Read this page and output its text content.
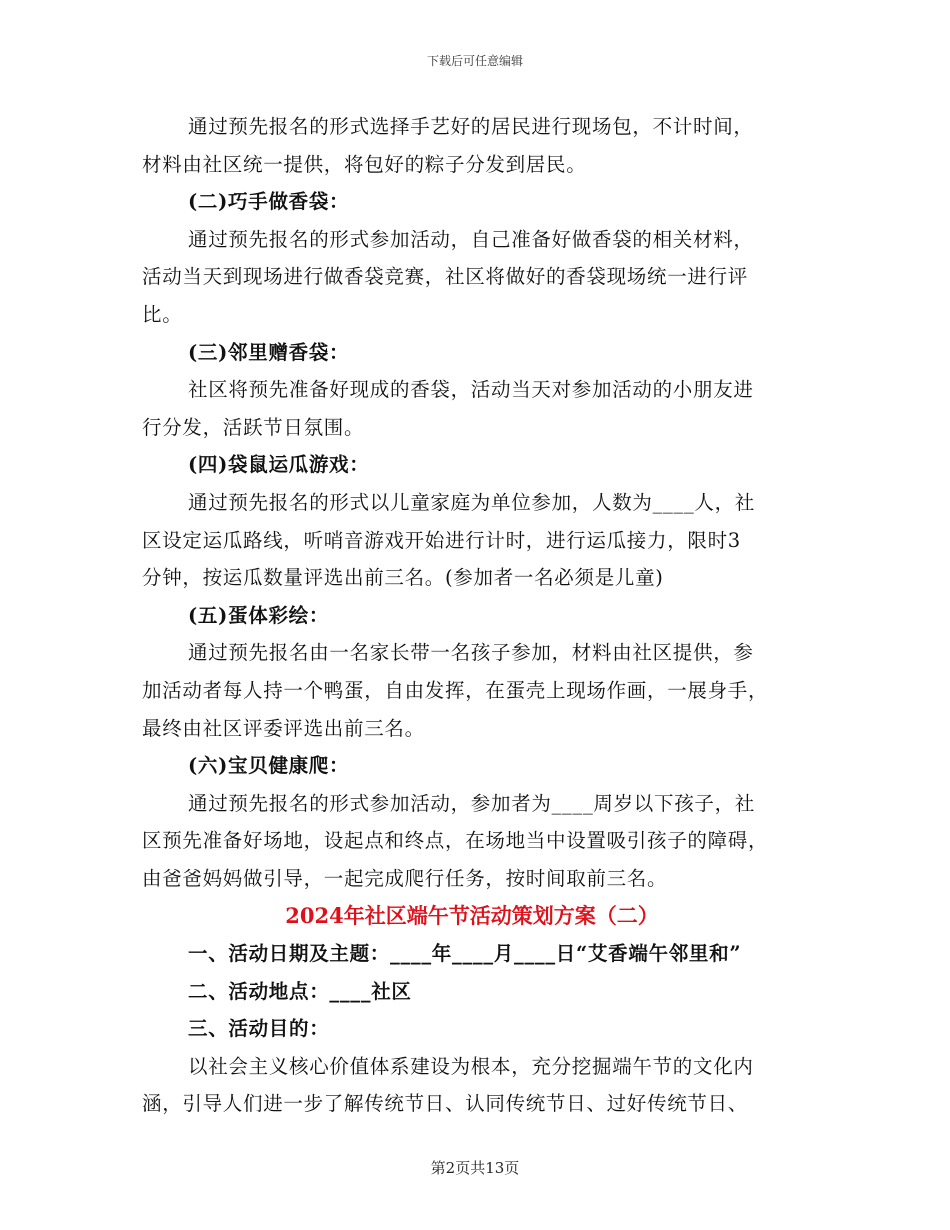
下载后可任意编辑
通过预先报名的形式选择手艺好的居民进行现场包，不计时间，
材料由社区统一提供，将包好的粽子分发到居民。
(二)巧手做香袋：
通过预先报名的形式参加活动，自己准备好做香袋的相关材料，
活动当天到现场进行做香袋竞赛，社区将做好的香袋现场统一进行评
比。
(三)邻里赠香袋：
社区将预先准备好现成的香袋，活动当天对参加活动的小朋友进
行分发，活跃节日氛围。
(四)袋鼠运瓜游戏：
通过预先报名的形式以儿童家庭为单位参加，人数为____人，社
区设定运瓜路线，听哨音游戏开始进行计时，进行运瓜接力，限时3
分钟，按运瓜数量评选出前三名。(参加者一名必须是儿童)
(五)蛋体彩绘：
通过预先报名由一名家长带一名孩子参加，材料由社区提供，参
加活动者每人持一个鸭蛋，自由发挥，在蛋壳上现场作画，一展身手，
最终由社区评委评选出前三名。
(六)宝贝健康爬：
通过预先报名的形式参加活动，参加者为____周岁以下孩子，社
区预先准备好场地，设起点和终点，在场地当中设置吸引孩子的障碍，
由爸爸妈妈做引导，一起完成爬行任务，按时间取前三名。
2024年社区端午节活动策划方案（二）
一、活动日期及主题：____年____月____日“艾香端午邻里和”
二、活动地点：____社区
三、活动目的：
以社会主义核心价值体系建设为根本，充分挖掘端午节的文化内
涵，引导人们进一步了解传统节日、认同传统节日、过好传统节日、
第2页共13页
